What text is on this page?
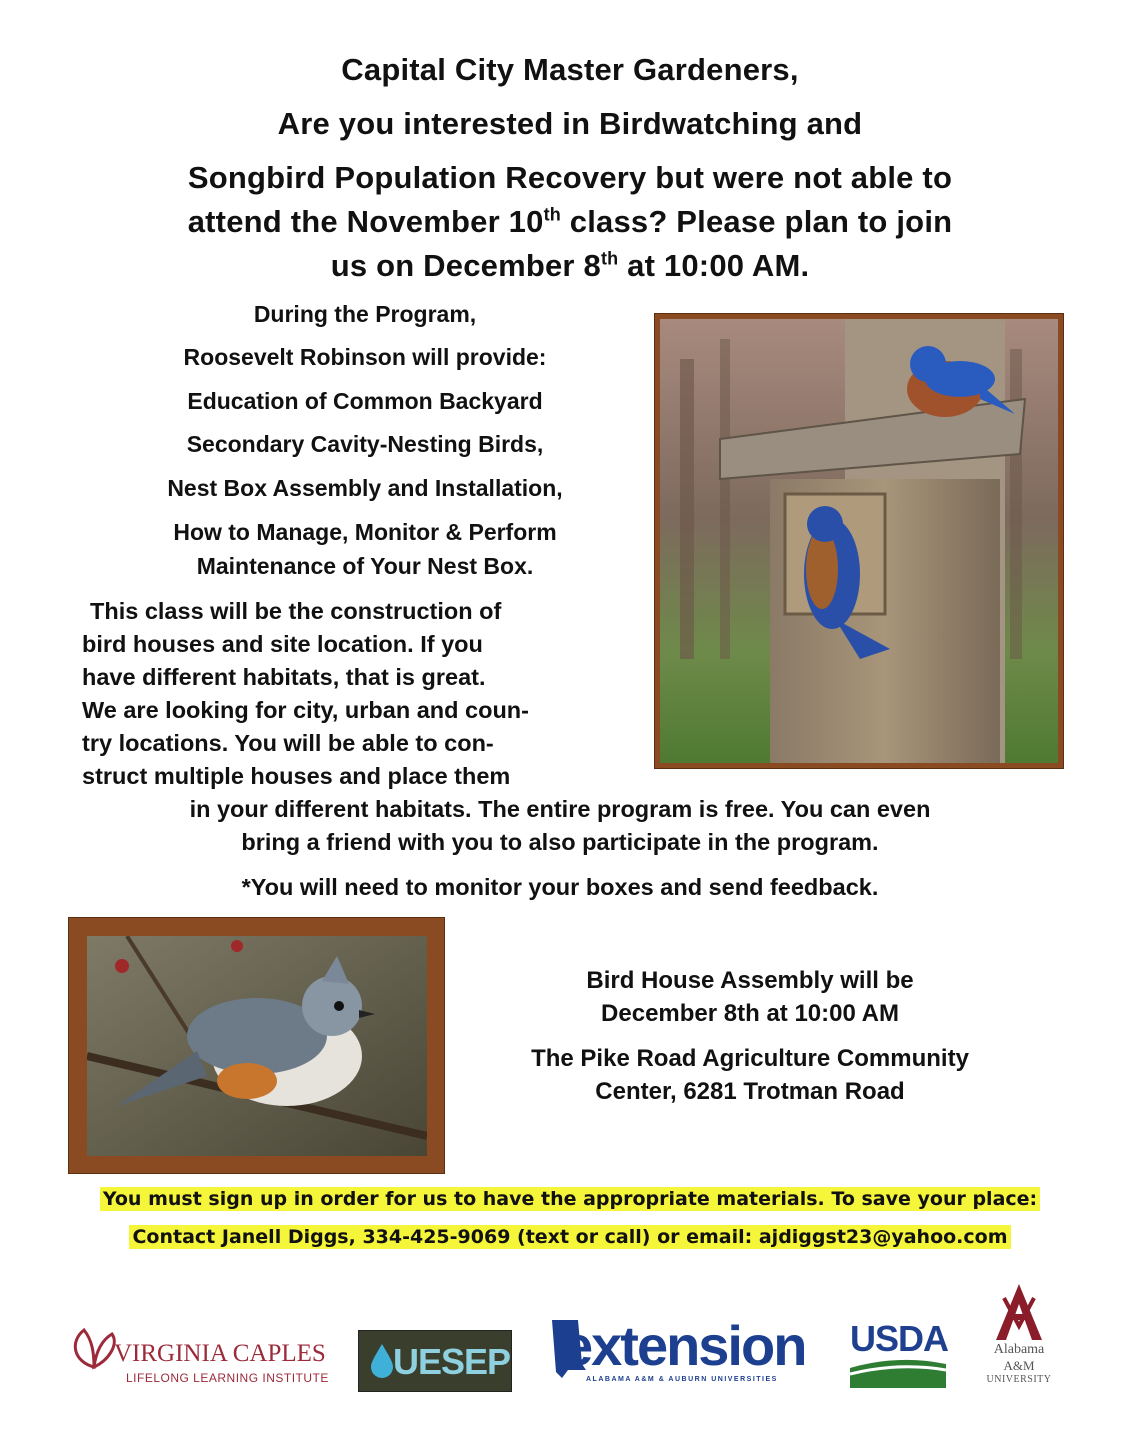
Capital City Master Gardeners,
Are you interested in Birdwatching and
Songbird Population Recovery but were not able to
attend the November 10th class? Please plan to join
us on December 8th at 10:00 AM.
During the Program,
Roosevelt Robinson will provide:
Education of Common Backyard
Secondary Cavity-Nesting Birds,
Nest Box Assembly and Installation,
How to Manage, Monitor & Perform
Maintenance of Your Nest Box.
This class will be the construction of
bird houses and site location. If you
have different habitats, that is great.
We are looking for city, urban and coun-
try locations. You will be able to con-
struct multiple houses and place them
in your different habitats. The entire program is free. You can even
bring a friend with you to also participate in the program.
*You will need to monitor your boxes and send feedback.
Bird House Assembly will be
December 8th at 10:00 AM
The Pike Road Agriculture Community
Center, 6281 Trotman Road
You must sign up in order for us to have the appropriate materials. To save your place:
Contact Janell Diggs, 334-425-9069 (text or call) or email: ajdiggst23@yahoo.com
VIRGINIA CAPLES
LIFELONG LEARNING INSTITUTE UESEP extension
ALABAMA A&M & AUBURN UNIVERSITIES
USDA	Alabama
A&M
UNIVERSITY
